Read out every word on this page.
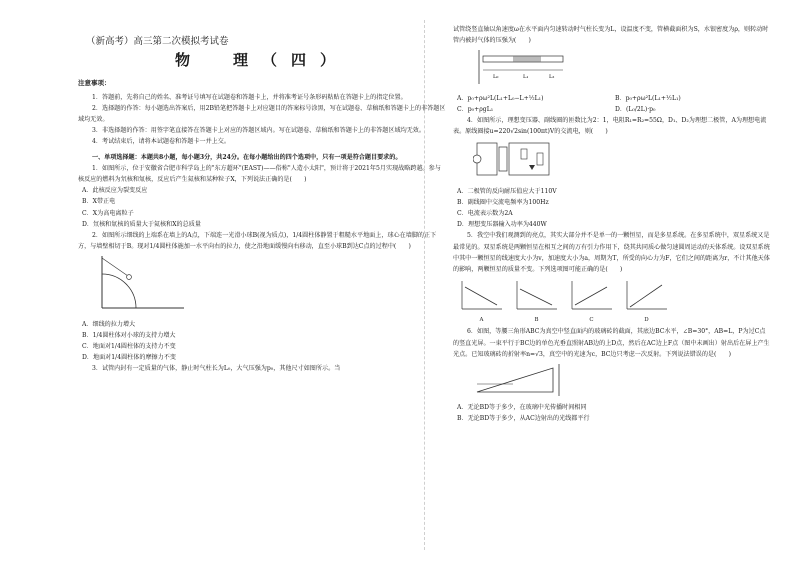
（新高考）高三第二次模拟考试卷
物　理（四）
注意事项：
1．答题前，先将自己的姓名、准考证号填写在试题卷和答题卡上，并将准考证号条形码粘贴在答题卡上的指定位置。
2．选择题的作答：每小题选出答案后，用2B铅笔把答题卡上对应题目的答案标号涂黑，写在试题卷、草稿纸和答题卡上的非答题区域均无效。
3．非选择题的作答：用签字笔直接答在答题卡上对应的答题区域内。写在试题卷、草稿纸和答题卡上的非答题区域均无效。
4．考试结束后，请将本试题卷和答题卡一并上交。
一、单项选择题：本题共8小题，每小题3分，共24分。在每小题给出的四个选项中，只有一项是符合题目要求的。
1．如图所示，位于安徽省合肥市科学岛上的"东方超环"(EAST)——俗称"人造小太阳"，预计将于2021年5月实现战略跨越。参与核反应的燃料为氘核和氚核，反应后产生氦核和某种粒子X，下列说法正确的是(　　)
A．此核反应为裂变反应
B．X带正电
C．X为高电离粒子
D．氘核和氚核的质量大于氦核和X的总质量
2．如图所示细线的上端系在墙上的A点，下端连一光滑小球B(视为质点)，1/4圆柱体静置于粗糙水平地面上，球心在墙脚的正下方，与墙壁相切于B。现对1/4圆柱体施加一水平向右的拉力，使之沿地面缓慢向右移动，直至小球B到达C点的过程中(　　)
A．细线的拉力增大
B．1/4圆柱体对小球的支持力增大
C．地面对1/4圆柱体的支持力不变
D．地面对1/4圆柱体的摩擦力不变
3．试管内封有一定质量的气体，静止时气柱长为L₀，大气压强为p₀，其他尺寸如图所示。当
试管绕竖直轴以角速度ω在水平面内匀速转动时气柱长变为L，设温度不变，管横截面积为S，水银密度为ρ，则转动时管内被封气体的压强为(　　)
L₀	L₁	L₂
A．p₀+ρω²L(L₁+L₀−L+½L₁)	B．p₀+ρω²L(L₁+½L₁)
C．p₀+ρgL₁	D．(L₀/2L)·p₀
4．如图所示，理想变压器、副线圈的匝数比为2：1，电阻R₁=R₂=55Ω，D₁、D₂为理想二极管，A为理想电流表。原线圈接u=220√2sin(100πt)V的交流电，则(　　)
A．二极管的反向耐压值应大于110V
B．副线圈中交流电频率为100Hz
C．电流表示数为2A
D．理想变压器输入功率为440W
5．我空中我们观测到的亮点，其实大部分并不是单一的一颗恒星，而是多星系统。在多星系统中，双星系统又是最常见的。双星系统是两颗恒星在相互之间的万有引力作用下，绕其共同质心做匀速圆周运动的天体系统。设双星系统中其中一颗恒星的线速度大小为v，加速度大小为a，周期为T，所受的向心力为F，它们之间的距离为r，不计其他天体的影响，两颗恒星的质量不变。下列选项图可能正确的是(　　)
A	B	C	D
6．如图，等腰三角形ABC为真空中竖直面内的玻璃砖的截面，其底边BC水平，∠B=30°，AB=L，P为过C点的竖直光屏。一束平行于BC边的单色光垂直照射AB边的上D点，然后在AC边上F点（图中未画出）射出后在屏上产生光点。已知玻璃砖的折射率n=√3，真空中的光速为c，BC边只考虑一次反射。下列说法错误的是(　　)
A．无论BD等于多少，在玻璃中光传播时间相同
B．无论BD等于多少，从AC边射出的光线都平行
